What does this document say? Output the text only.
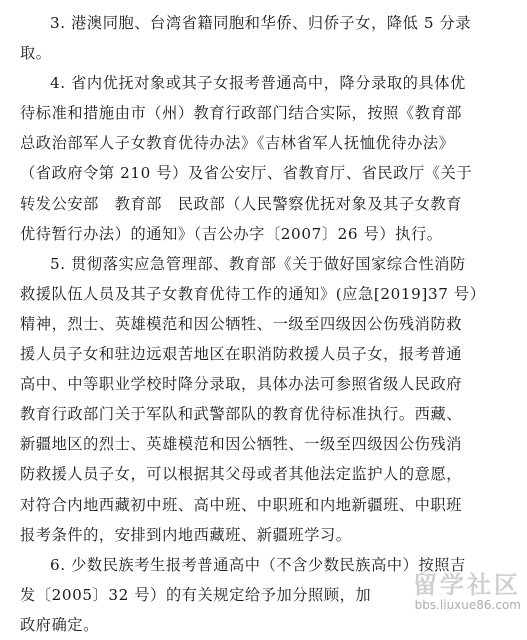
3. 港澳同胞、台湾省籍同胞和华侨、归侨子女，降低 5 分录
取。
4. 省内优抚对象或其子女报考普通高中，降分录取的具体优
待标准和措施由市（州）教育行政部门结合实际，按照《教育部
总政治部军人子女教育优待办法》《吉林省军人抚恤优待办法》
（省政府令第 210 号）及省公安厅、省教育厅、省民政厅《关于
转发公安部　教育部　民政部（人民警察优抚对象及其子女教育
优待暂行办法）的通知》（吉公办字〔2007〕26 号）执行。
5. 贯彻落实应急管理部、教育部《关于做好国家综合性消防
救援队伍人员及其子女教育优待工作的通知》(应急[2019]37 号）
精神，烈士、英雄模范和因公牺牲、一级至四级因公伤残消防救
援人员子女和驻边远艰苦地区在职消防救援人员子女，报考普通
高中、中等职业学校时降分录取，具体办法可参照省级人民政府
教育行政部门关于军队和武警部队的教育优待标准执行。西藏、
新疆地区的烈士、英雄模范和因公牺牲、一级至四级因公伤残消
防救援人员子女，可以根据其父母或者其他法定监护人的意愿，
对符合内地西藏初中班、高中班、中职班和内地新疆班、中职班
报考条件的，安排到内地西藏班、新疆班学习。
6. 少数民族考生报考普通高中（不含少数民族高中）按照吉
发〔2005〕32 号）的有关规定给予加分照顾，加
政府确定。
留学社区
bbs.liuxue86.com
